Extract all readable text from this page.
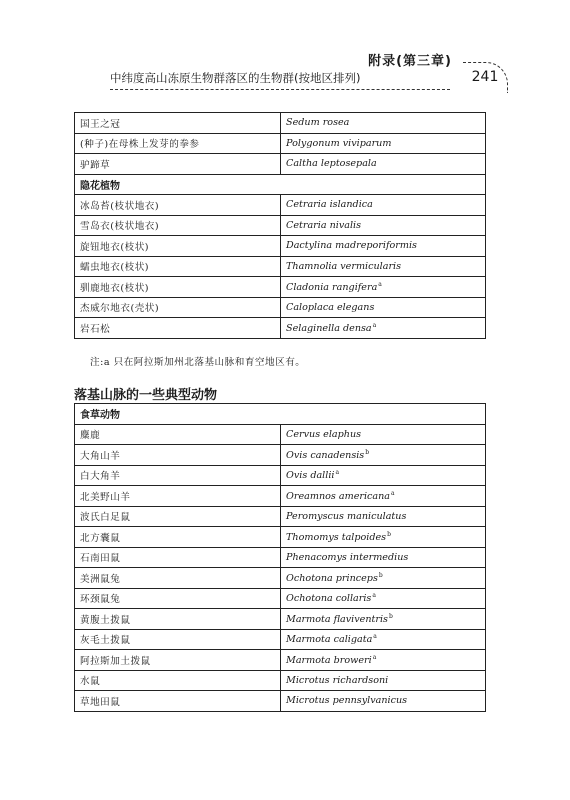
附录(第三章)
中纬度高山冻原生物群落区的生物群(按地区排列)	241
国王之冠	Sedum rosea
(种子)在母株上发芽的拳参	Polygonum viviparum
驴蹄草	Caltha leptosepala
隐花植物	
冰岛苔(枝状地衣)	Cetraria islandica
雪岛衣(枝状地衣)	Cetraria nivalis
旋钮地衣(枝状)	Dactylina madreporiformis
蠕虫地衣(枝状)	Thamnolia vermicularis
驯鹿地衣(枝状)	Cladonia rangifera$^a$
杰威尔地衣(壳状)	Caloplaca elegans
岩石松	Selaginella densa$^a$
注:a 只在阿拉斯加州北落基山脉和育空地区有。
落基山脉的一些典型动物
食草动物	
麋鹿	Cervus elaphus
大角山羊	Ovis canadensis$^b$
白大角羊	Ovis dallii$^a$
北美野山羊	Oreamnos americana$^a$
波氏白足鼠	Peromyscus maniculatus
北方囊鼠	Thomomys talpoides$^b$
石南田鼠	Phenacomys intermedius
美洲鼠兔	Ochotona princeps$^b$
环颈鼠兔	Ochotona collaris$^a$
黄腹土拨鼠	Marmota flaviventris$^b$
灰毛土拨鼠	Marmota caligata$^a$
阿拉斯加土拨鼠	Marmota broweri$^a$
水鼠	Microtus richardsoni
草地田鼠	Microtus pennsylvanicus
